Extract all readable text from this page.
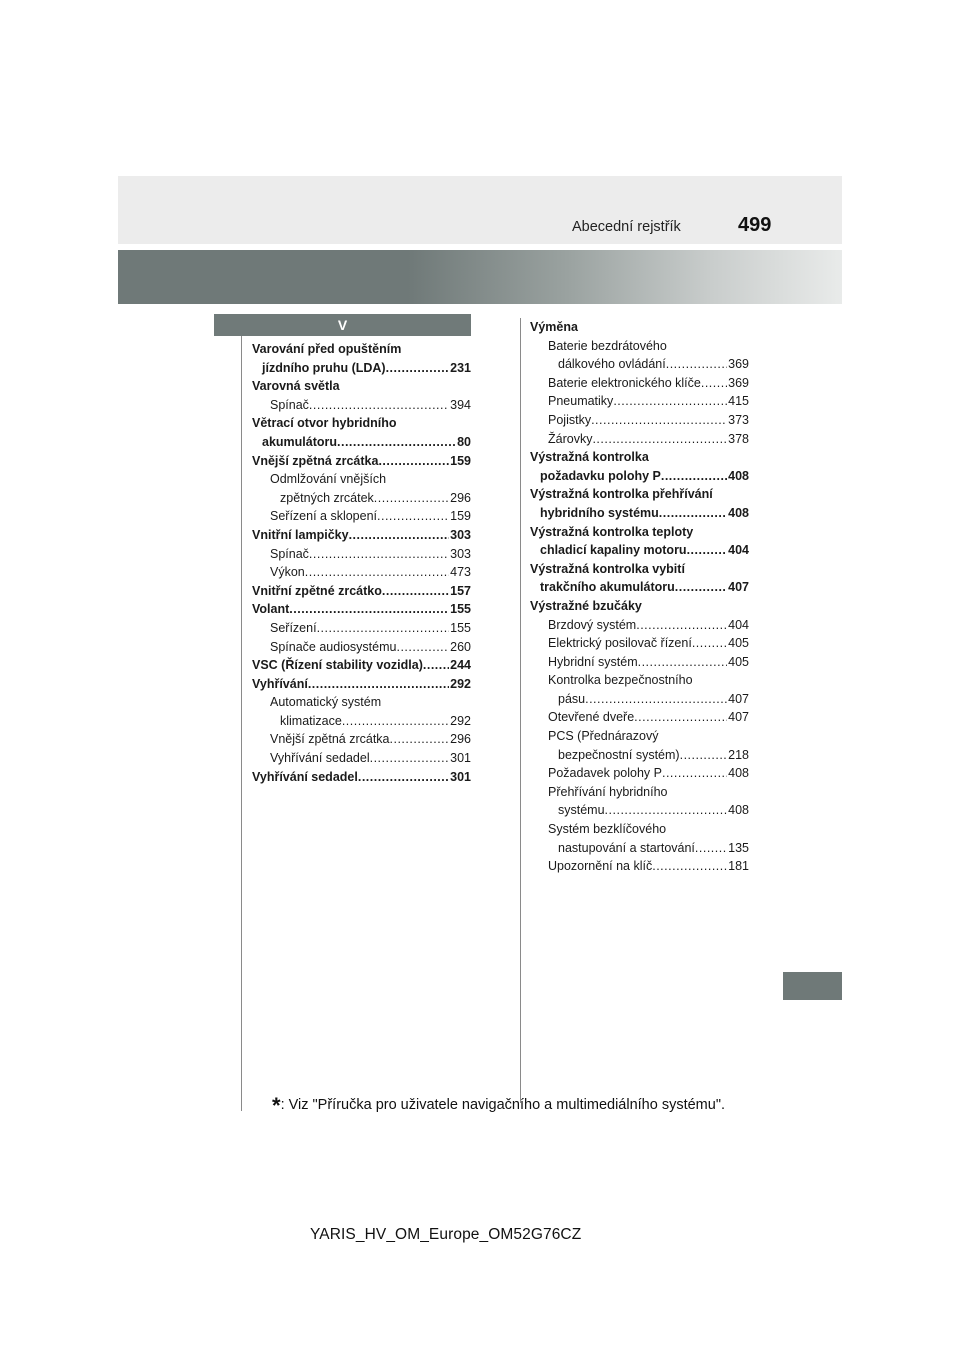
Abecední rejstřík	499
V
Varování před opuštěním
jízdního pruhu (LDA) .....	231
Varovná světla
Spínač .....	394
Větrací otvor hybridního
akumulátoru .....	80
Vnější zpětná zrcátka .....	159
Odmlžování vnějších
zpětných zrcátek .....	296
Seřízení a sklopení .....	159
Vnitřní lampičky .....	303
Spínač .....	303
Výkon .....	473
Vnitřní zpětné zrcátko .....	157
Volant .....	155
Seřízení .....	155
Spínače audiosystému .....	260
VSC (Řízení stability vozidla) ..... 244
Vyhřívání .....	292
Automatický systém
klimatizace .....	292
Vnější zpětná zrcátka .....	296
Vyhřívání sedadel .....	301
Vyhřívání sedadel .....	301
Výměna
Baterie bezdrátového
dálkového ovládání .....	369
Baterie elektronického klíče ..... 369
Pneumatiky .....	415
Pojistky .....	373
Žárovky .....	378
Výstražná kontrolka
požadavku polohy P .....	408
Výstražná kontrolka přehřívání
hybridního systému .....	408
Výstražná kontrolka teploty
chladicí kapaliny motoru .....	404
Výstražná kontrolka vybití
trakčního akumulátoru .....	407
Výstražné bzučáky
Brzdový systém .....	404
Elektrický posilovač řízení .....	405
Hybridní systém .....	405
Kontrolka bezpečnostního
pásu .....	407
Otevřené dveře .....	407
PCS (Přednárazový
bezpečnostní systém) .....	218
Požadavek polohy P .....	408
Přehřívání hybridního
systému .....	408
Systém bezklíčového
nastupování a startování .....	135
Upozornění na klíč .....	181
*: Viz "Příručka pro uživatele navigačního a multimediálního systému".
YARIS_HV_OM_Europe_OM52G76CZ
